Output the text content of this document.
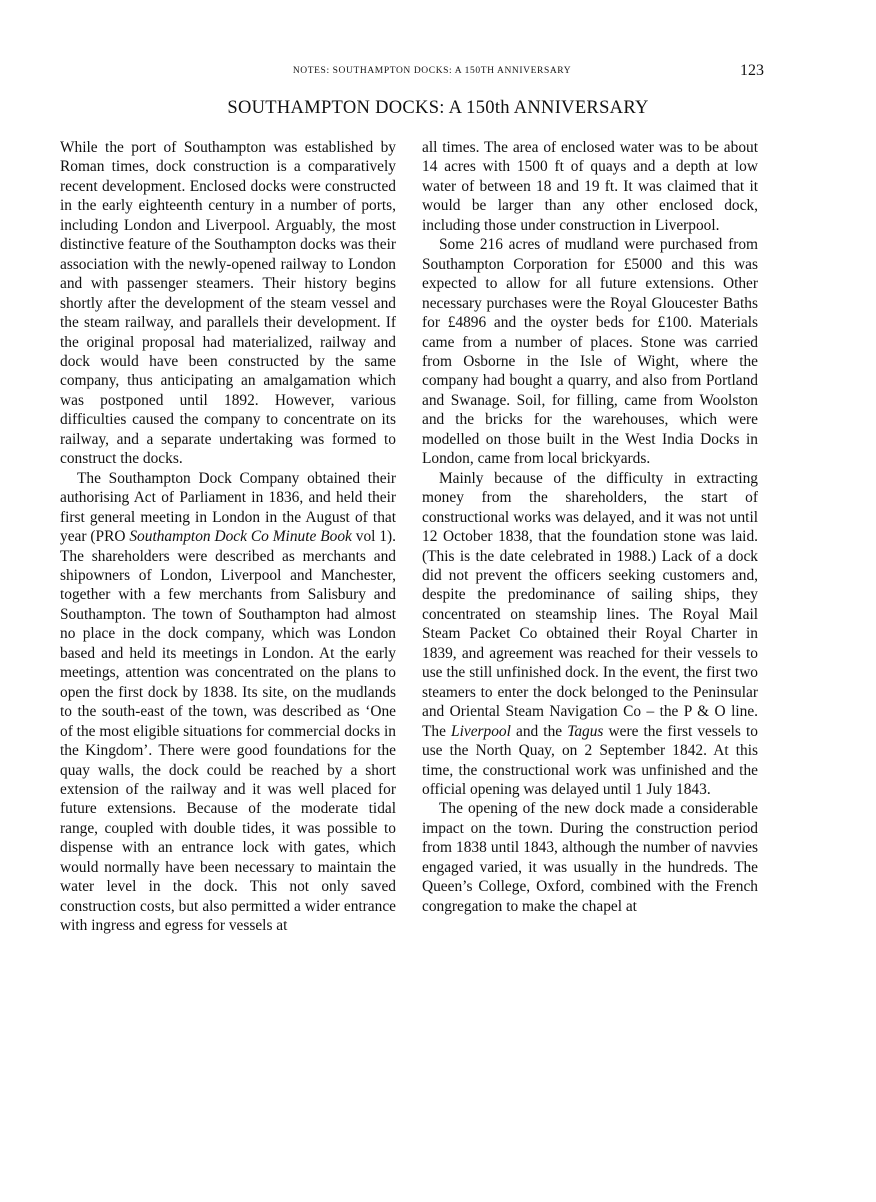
NOTES: SOUTHAMPTON DOCKS: A 150TH ANNIVERSARY	123
SOUTHAMPTON DOCKS: A 150th ANNIVERSARY

While the port of Southampton was established by Roman times, dock construction is a comparatively recent development. Enclosed docks were constructed in the early eighteenth century in a number of ports, including London and Liverpool. Arguably, the most distinctive feature of the Southampton docks was their association with the newly-opened railway to London and with passenger steamers. Their history begins shortly after the development of the steam vessel and the steam railway, and parallels their development. If the original proposal had materialized, railway and dock would have been constructed by the same company, thus anticipating an amalgamation which was postponed until 1892. However, various difficulties caused the company to concentrate on its railway, and a separate undertaking was formed to construct the docks.

The Southampton Dock Company obtained their authorising Act of Parliament in 1836, and held their first general meeting in London in the August of that year (PRO Southampton Dock Co Minute Book vol 1). The shareholders were described as merchants and shipowners of London, Liverpool and Manchester, together with a few merchants from Salisbury and Southampton. The town of Southampton had almost no place in the dock company, which was London based and held its meetings in London. At the early meetings, attention was concentrated on the plans to open the first dock by 1838. Its site, on the mudlands to the south-east of the town, was described as ‘One of the most eligible situations for commercial docks in the Kingdom’. There were good foundations for the quay walls, the dock could be reached by a short extension of the railway and it was well placed for future extensions. Because of the moderate tidal range, coupled with double tides, it was possible to dispense with an entrance lock with gates, which would normally have been necessary to maintain the water level in the dock. This not only saved construction costs, but also permitted a wider entrance with ingress and egress for vessels at

all times. The area of enclosed water was to be about 14 acres with 1500 ft of quays and a depth at low water of between 18 and 19 ft. It was claimed that it would be larger than any other enclosed dock, including those under construction in Liverpool.

Some 216 acres of mudland were purchased from Southampton Corporation for £5000 and this was expected to allow for all future extensions. Other necessary purchases were the Royal Gloucester Baths for £4896 and the oyster beds for £100. Materials came from a number of places. Stone was carried from Osborne in the Isle of Wight, where the company had bought a quarry, and also from Portland and Swanage. Soil, for filling, came from Woolston and the bricks for the warehouses, which were modelled on those built in the West India Docks in London, came from local brickyards.

Mainly because of the difficulty in extracting money from the shareholders, the start of constructional works was delayed, and it was not until 12 October 1838, that the foundation stone was laid. (This is the date celebrated in 1988.) Lack of a dock did not prevent the officers seeking customers and, despite the predominance of sailing ships, they concentrated on steamship lines. The Royal Mail Steam Packet Co obtained their Royal Charter in 1839, and agreement was reached for their vessels to use the still unfinished dock. In the event, the first two steamers to enter the dock belonged to the Peninsular and Oriental Steam Navigation Co – the P & O line. The Liverpool and the Tagus were the first vessels to use the North Quay, on 2 September 1842. At this time, the constructional work was unfinished and the official opening was delayed until 1 July 1843.

The opening of the new dock made a considerable impact on the town. During the construction period from 1838 until 1843, although the number of navvies engaged varied, it was usually in the hundreds. The Queen’s College, Oxford, combined with the French congregation to make the chapel at
